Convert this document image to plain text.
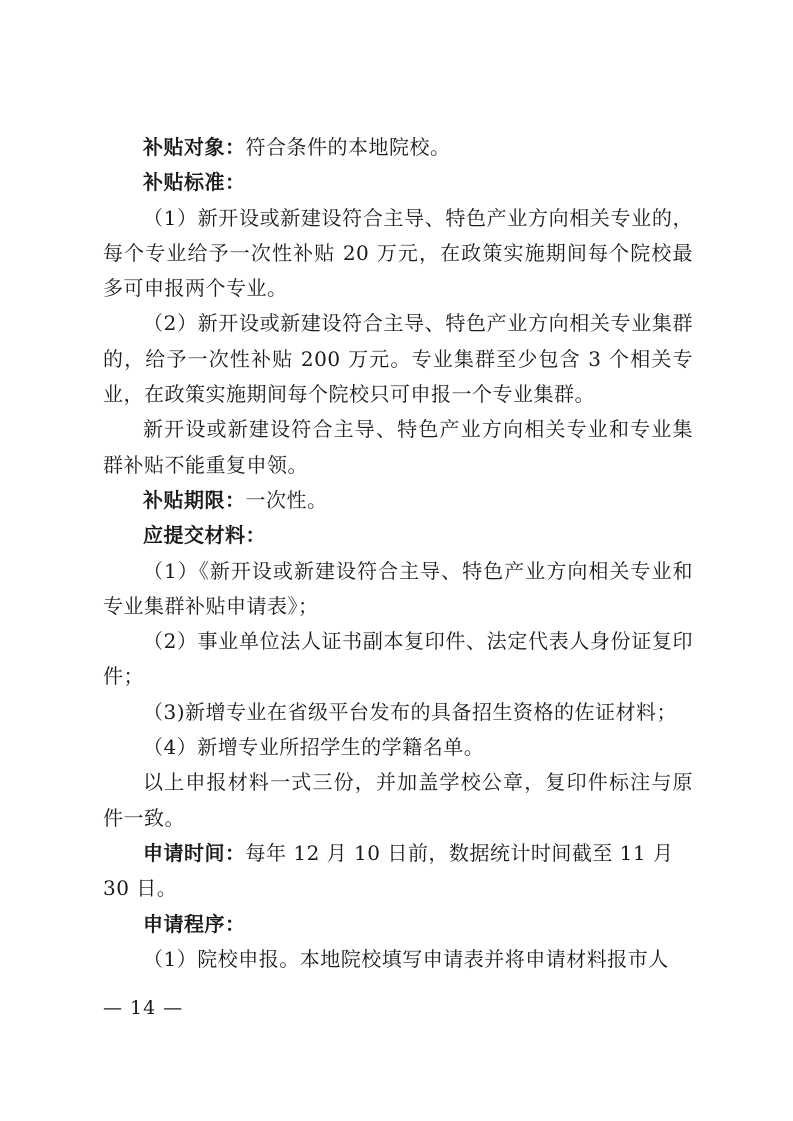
补贴对象：符合条件的本地院校。

补贴标准：

（1）新开设或新建设符合主导、特色产业方向相关专业的，每个专业给予一次性补贴 20 万元，在政策实施期间每个院校最多可申报两个专业。

（2）新开设或新建设符合主导、特色产业方向相关专业集群的，给予一次性补贴 200 万元。专业集群至少包含 3 个相关专业，在政策实施期间每个院校只可申报一个专业集群。

新开设或新建设符合主导、特色产业方向相关专业和专业集群补贴不能重复申领。

补贴期限：一次性。

应提交材料：

（1）《新开设或新建设符合主导、特色产业方向相关专业和专业集群补贴申请表》；

（2）事业单位法人证书副本复印件、法定代表人身份证复印件；

（3)新增专业在省级平台发布的具备招生资格的佐证材料；

（4）新增专业所招学生的学籍名单。

以上申报材料一式三份，并加盖学校公章，复印件标注与原件一致。

申请时间：每年 12 月 10 日前，数据统计时间截至 11 月 30 日。

申请程序：

（1）院校申报。本地院校填写申请表并将申请材料报市人

— 14 —
